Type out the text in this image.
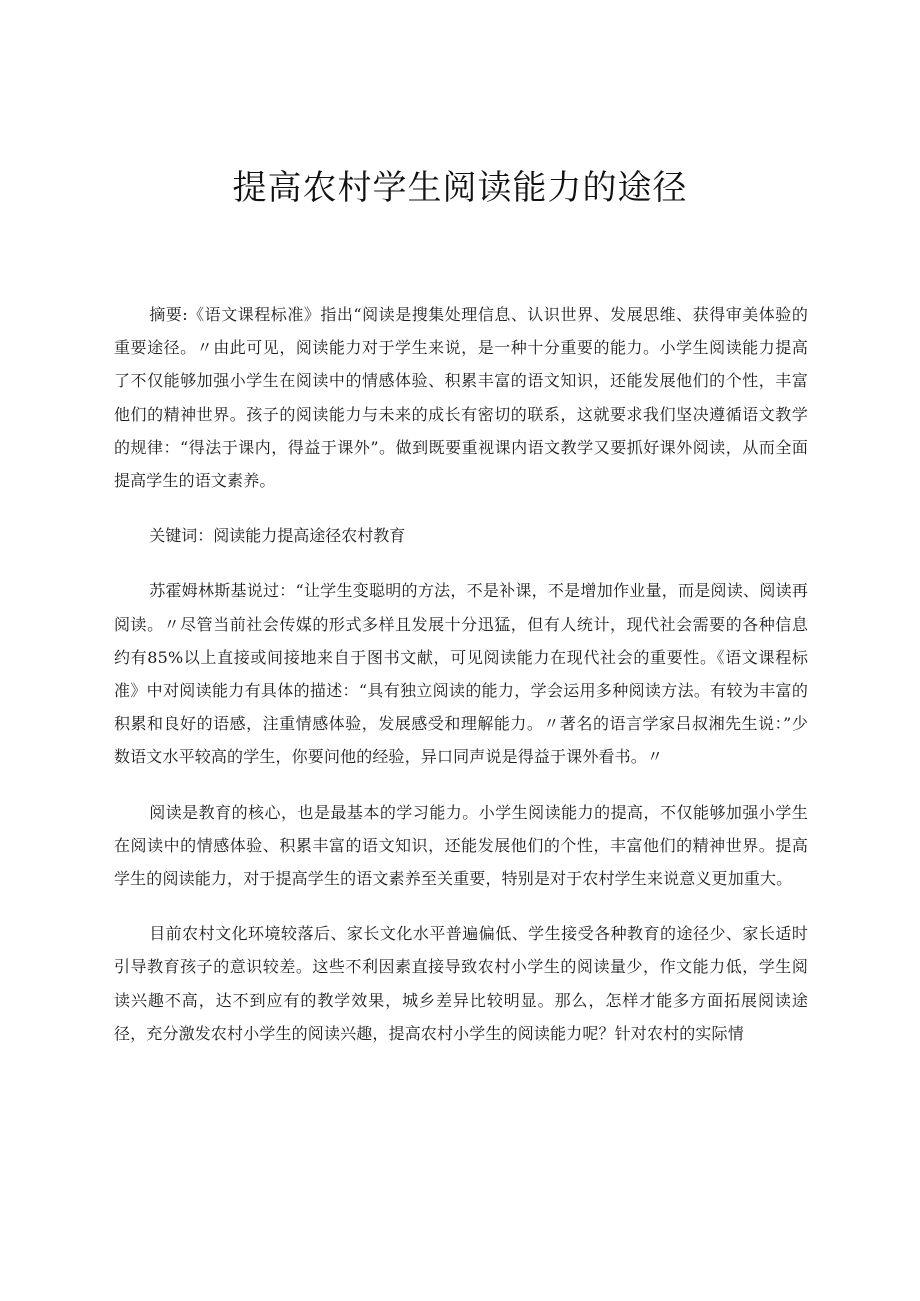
提高农村学生阅读能力的途径

摘要:《语文课程标准》指出“阅读是搜集处理信息、认识世界、发展思维、获得审美体验的重要途径。〃由此可见，阅读能力对于学生来说，是一种十分重要的能力。小学生阅读能力提高了不仅能够加强小学生在阅读中的情感体验、积累丰富的语文知识，还能发展他们的个性，丰富他们的精神世界。孩子的阅读能力与未来的成长有密切的联系，这就要求我们坚决遵循语文教学的规律：“得法于课内，得益于课外”。做到既要重视课内语文教学又要抓好课外阅读，从而全面提高学生的语文素养。

关键词：阅读能力提高途径农村教育

苏霍姆林斯基说过：“让学生变聪明的方法，不是补课，不是增加作业量，而是阅读、阅读再阅读。〃尽管当前社会传媒的形式多样且发展十分迅猛，但有人统计，现代社会需要的各种信息约有85%以上直接或间接地来自于图书文献，可见阅读能力在现代社会的重要性。《语文课程标准》中对阅读能力有具体的描述：“具有独立阅读的能力，学会运用多种阅读方法。有较为丰富的积累和良好的语感，注重情感体验，发展感受和理解能力。〃著名的语言学家吕叔湘先生说：”少数语文水平较高的学生，你要问他的经验，异口同声说是得益于课外看书。〃

阅读是教育的核心，也是最基本的学习能力。小学生阅读能力的提高，不仅能够加强小学生在阅读中的情感体验、积累丰富的语文知识，还能发展他们的个性，丰富他们的精神世界。提高学生的阅读能力，对于提高学生的语文素养至关重要，特别是对于农村学生来说意义更加重大。

目前农村文化环境较落后、家长文化水平普遍偏低、学生接受各种教育的途径少、家长适时引导教育孩子的意识较差。这些不利因素直接导致农村小学生的阅读量少，作文能力低，学生阅读兴趣不高，达不到应有的教学效果，城乡差异比较明显。那么，怎样才能多方面拓展阅读途径，充分激发农村小学生的阅读兴趣，提高农村小学生的阅读能力呢？针对农村的实际情
